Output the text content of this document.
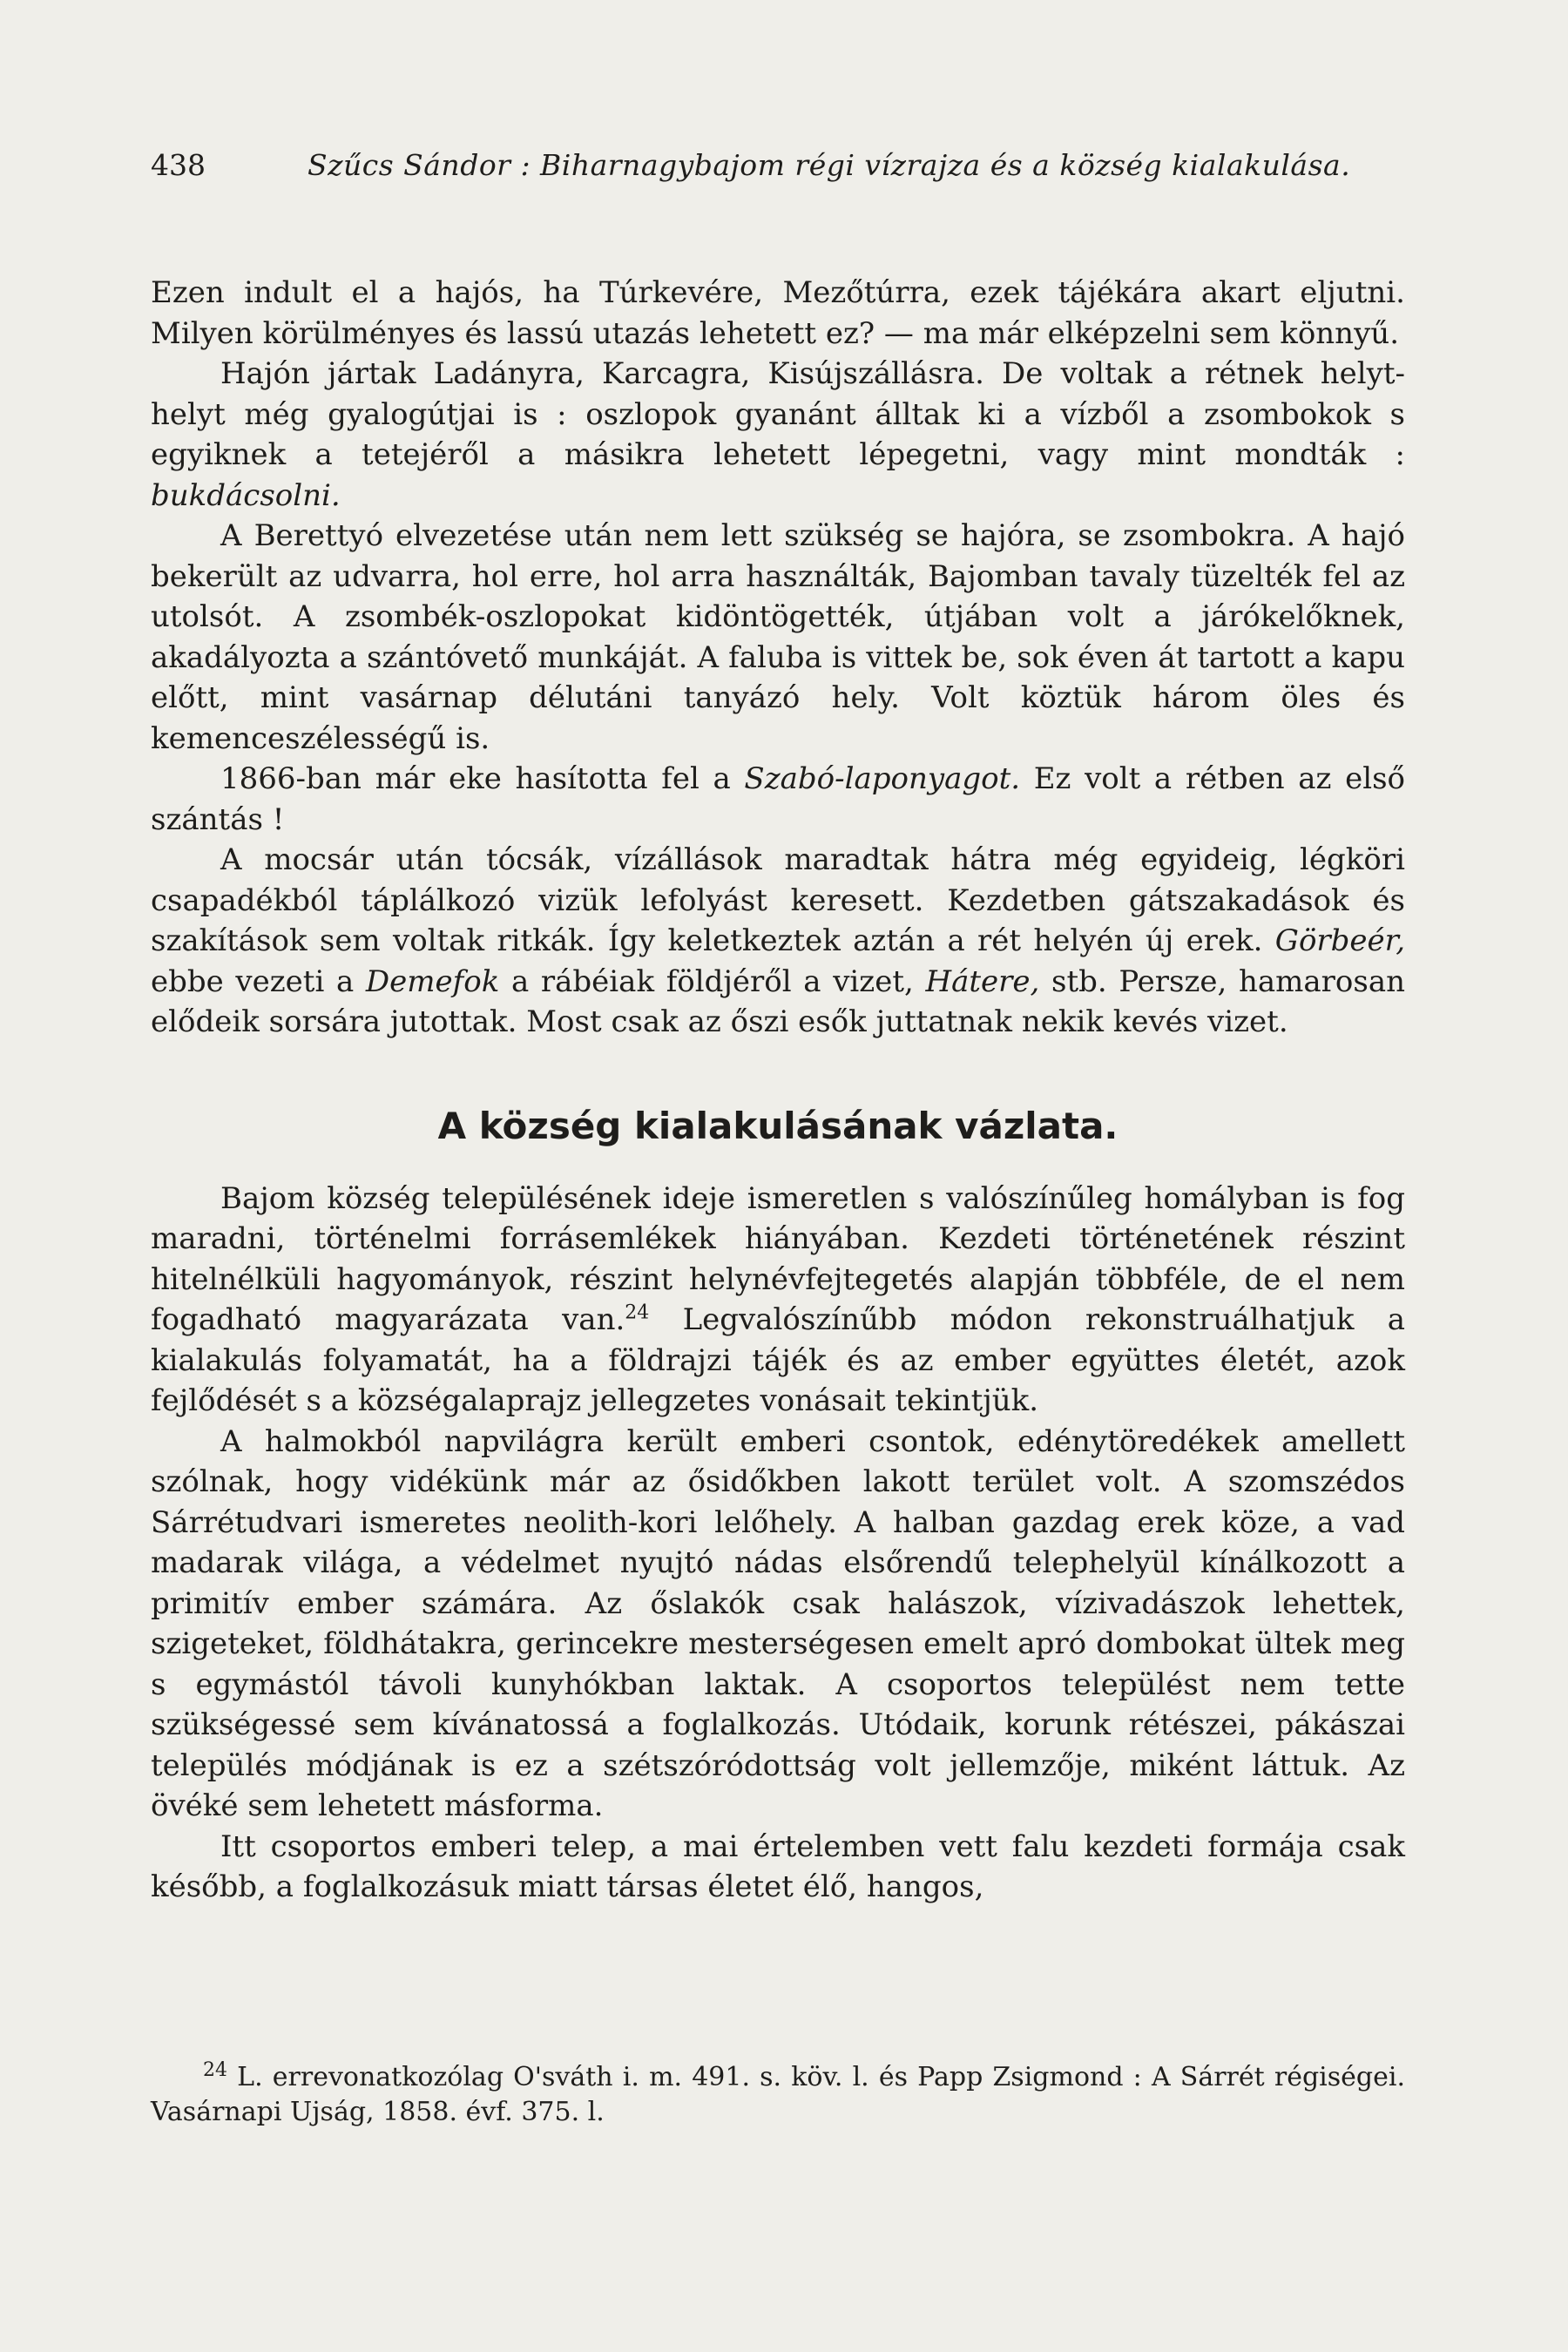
438	Szűcs Sándor : Biharnagybajom régi vízrajza és a község kialakulása.

Ezen indult el a hajós, ha Túrkevére, Mezőtúrra, ezek tájékára akart eljutni. Milyen körülményes és lassú utazás lehetett ez? — ma már elképzelni sem könnyű.

Hajón jártak Ladányra, Karcagra, Kisújszállásra. De voltak a rétnek helyt-helyt még gyalogútjai is : oszlopok gyanánt álltak ki a vízből a zsombokok s egyiknek a tetejéről a másikra lehetett lépegetni, vagy mint mondták : bukdácsolni.

A Berettyó elvezetése után nem lett szükség se hajóra, se zsombokra. A hajó bekerült az udvarra, hol erre, hol arra használták, Bajomban tavaly tüzelték fel az utolsót. A zsombék-oszlopokat kidöntögették, útjában volt a járókelőknek, akadályozta a szántóvető munkáját. A faluba is vittek be, sok éven át tartott a kapu előtt, mint vasárnap délutáni tanyázó hely. Volt köztük három öles és kemenceszélességű is.

1866-ban már eke hasította fel a Szabó-laponyagot. Ez volt a rétben az első szántás !

A mocsár után tócsák, vízállások maradtak hátra még egyideig, légköri csapadékból táplálkozó vizük lefolyást keresett. Kezdetben gátszakadások és szakítások sem voltak ritkák. Így keletkeztek aztán a rét helyén új erek. Görbeér, ebbe vezeti a Demefok a rábéiak földjéről a vizet, Hátere, stb. Persze, hamarosan elődeik sorsára jutottak. Most csak az őszi esők juttatnak nekik kevés vizet.

A község kialakulásának vázlata.

Bajom község településének ideje ismeretlen s valószínűleg homályban is fog maradni, történelmi forrásemlékek hiányában. Kezdeti történetének részint hitelnélküli hagyományok, részint helynévfejtegetés alapján többféle, de el nem fogadható magyarázata van.$^{24}$ Legvalószínűbb módon rekonstruálhatjuk a kialakulás folyamatát, ha a földrajzi tájék és az ember együttes életét, azok fejlődését s a községalaprajz jellegzetes vonásait tekintjük.

A halmokból napvilágra került emberi csontok, edénytöredékek amellett szólnak, hogy vidékünk már az ősidőkben lakott terület volt. A szomszédos Sárrétudvari ismeretes neolith-kori lelőhely. A halban gazdag erek köze, a vad madarak világa, a védelmet nyujtó nádas elsőrendű telephelyül kínálkozott a primitív ember számára. Az őslakók csak halászok, vízivadászok lehettek, szigeteket, földhátakra, gerincekre mesterségesen emelt apró dombokat ültek meg s egymástól távoli kunyhókban laktak. A csoportos települést nem tette szükségessé sem kívánatossá a foglalkozás. Utódaik, korunk rétészei, pákászai település módjának is ez a szétszóródottság volt jellemzője, miként láttuk. Az övéké sem lehetett másforma.

Itt csoportos emberi telep, a mai értelemben vett falu kezdeti formája csak később, a foglalkozásuk miatt társas életet élő, hangos,

$^{24}$ L. errevonatkozólag O'sváth i. m. 491. s. köv. l. és Papp Zsigmond : A Sárrét régiségei. Vasárnapi Ujság, 1858. évf. 375. l.
